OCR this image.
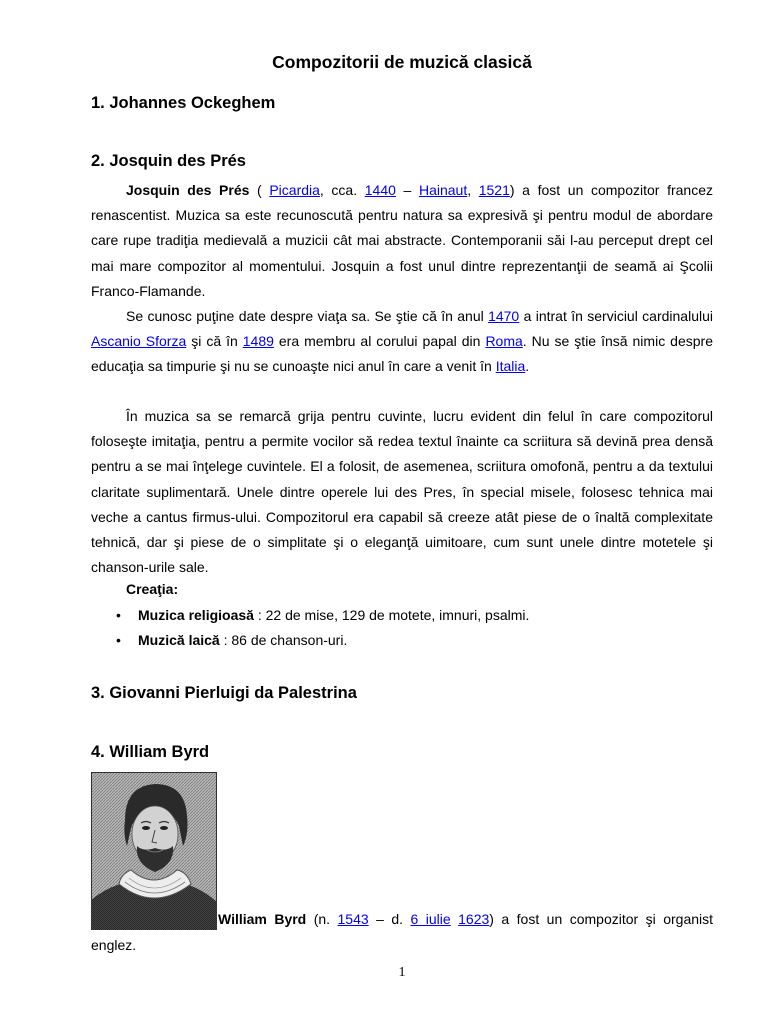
Compozitorii de muzică clasică
1. Johannes Ockeghem
2. Josquin des Prés

Josquin des Prés ( Picardia, cca. 1440 – Hainaut, 1521) a fost un compozitor francez renascentist. Muzica sa este recunoscută pentru natura sa expresivă şi pentru modul de abordare care rupe tradiţia medievală a muzicii cât mai abstracte. Contemporanii săi l-au perceput drept cel mai mare compozitor al momentului. Josquin a fost unul dintre reprezentanţii de seamă ai Şcolii Franco-Flamande.

Se cunosc puţine date despre viaţa sa. Se ştie că în anul 1470 a intrat în serviciul cardinalului Ascanio Sforza şi că în 1489 era membru al corului papal din Roma. Nu se ştie însă nimic despre educaţia sa timpurie şi nu se cunoaşte nici anul în care a venit în Italia.

În muzica sa se remarcă grija pentru cuvinte, lucru evident din felul în care compozitorul foloseşte imitaţia, pentru a permite vocilor să redea textul înainte ca scriitura să devină prea densă pentru a se mai înţelege cuvintele. El a folosit, de asemenea, scriitura omofonă, pentru a da textului claritate suplimentară. Unele dintre operele lui des Pres, în special misele, folosesc tehnica mai veche a cantus firmus-ului. Compozitorul era capabil să creeze atât piese de o înaltă complexitate tehnică, dar şi piese de o simplitate şi o eleganţă uimitoare, cum sunt unele dintre motetele şi chanson-urile sale.

Creaţia:
• Muzica religioasă : 22 de mise, 129 de motete, imnuri, psalmi.
• Muzică laică : 86 de chanson-uri.
3. Giovanni Pierluigi da Palestrina
4. William Byrd
William Byrd (n. 1543 – d. 6 iulie 1623) a fost un compozitor şi organist
englez.
1
